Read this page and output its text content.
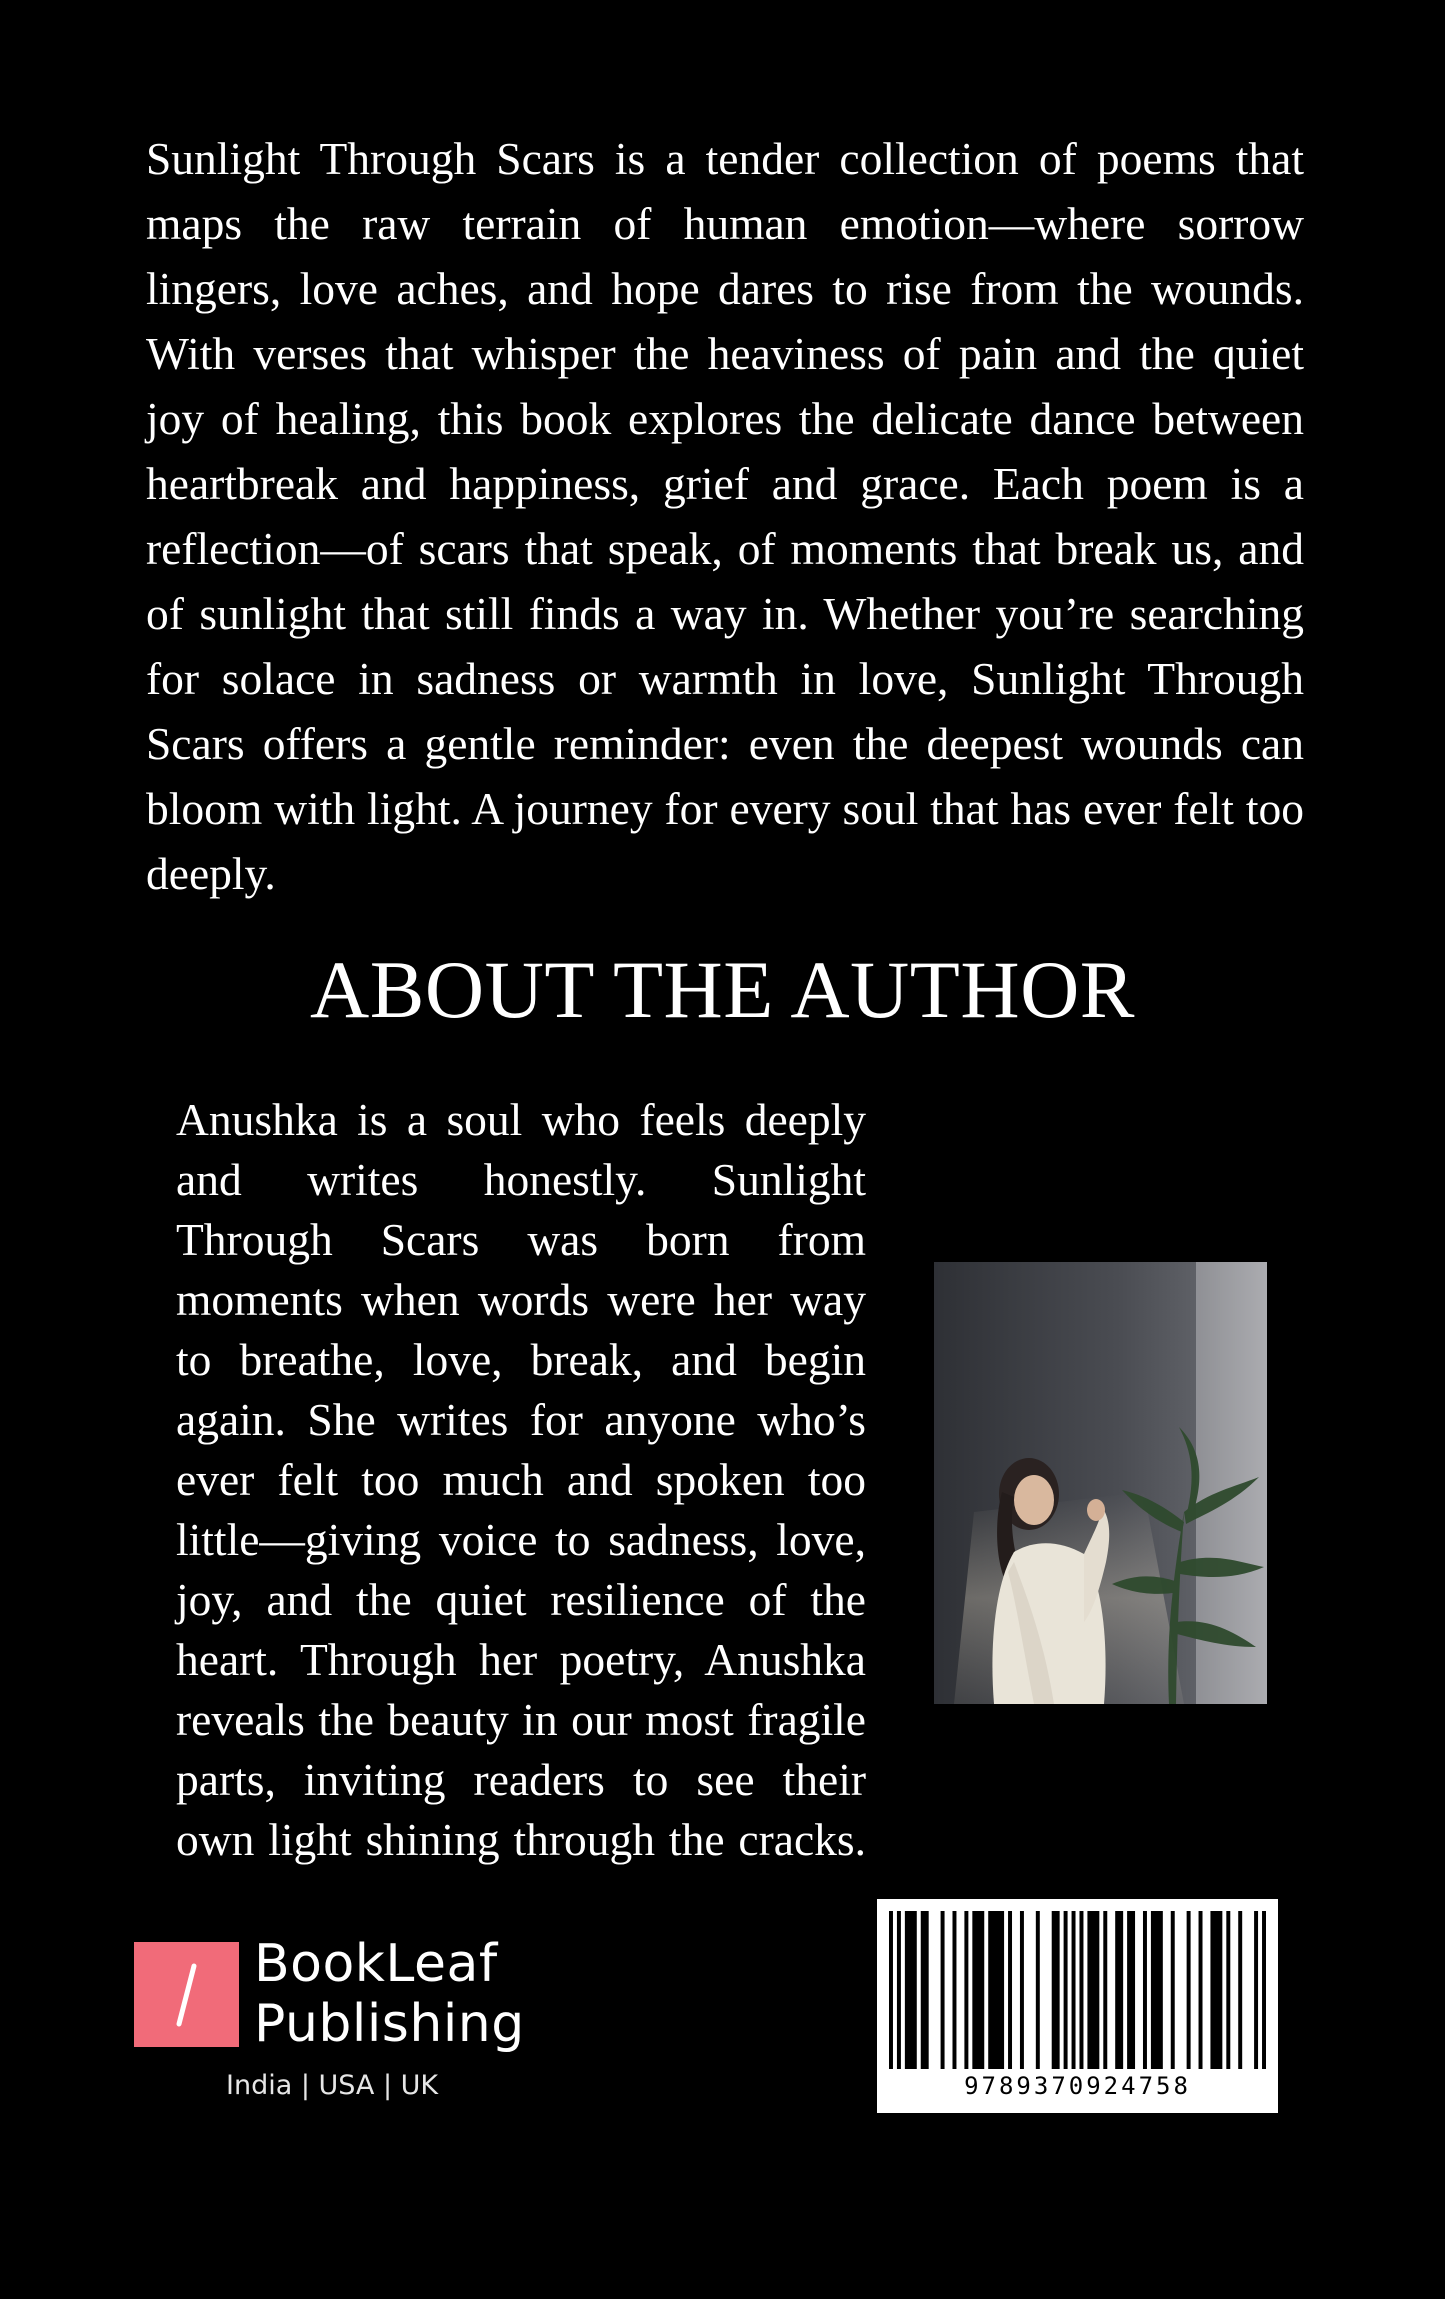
Sunlight Through Scars is a tender collection of poems that maps the raw terrain of human emotion—where sorrow lingers, love aches, and hope dares to rise from the wounds. With verses that whisper the heaviness of pain and the quiet joy of healing, this book explores the delicate dance between heartbreak and happiness, grief and grace. Each poem is a reflection—of scars that speak, of moments that break us, and of sunlight that still finds a way in. Whether you’re searching for solace in sadness or warmth in love, Sunlight Through Scars offers a gentle reminder: even the deepest wounds can bloom with light. A journey for every soul that has ever felt too deeply.

ABOUT THE AUTHOR

Anushka is a soul who feels deeply and writes honestly. Sunlight Through Scars was born from moments when words were her way to breathe, love, break, and begin again. She writes for anyone who’s ever felt too much and spoken too little—giving voice to sadness, love, joy, and the quiet resilience of the heart. Through her poetry, Anushka reveals the beauty in our most fragile parts, inviting readers to see their own light shining through the cracks.

BookLeaf
Publishing
India | USA | UK	9789370924758
